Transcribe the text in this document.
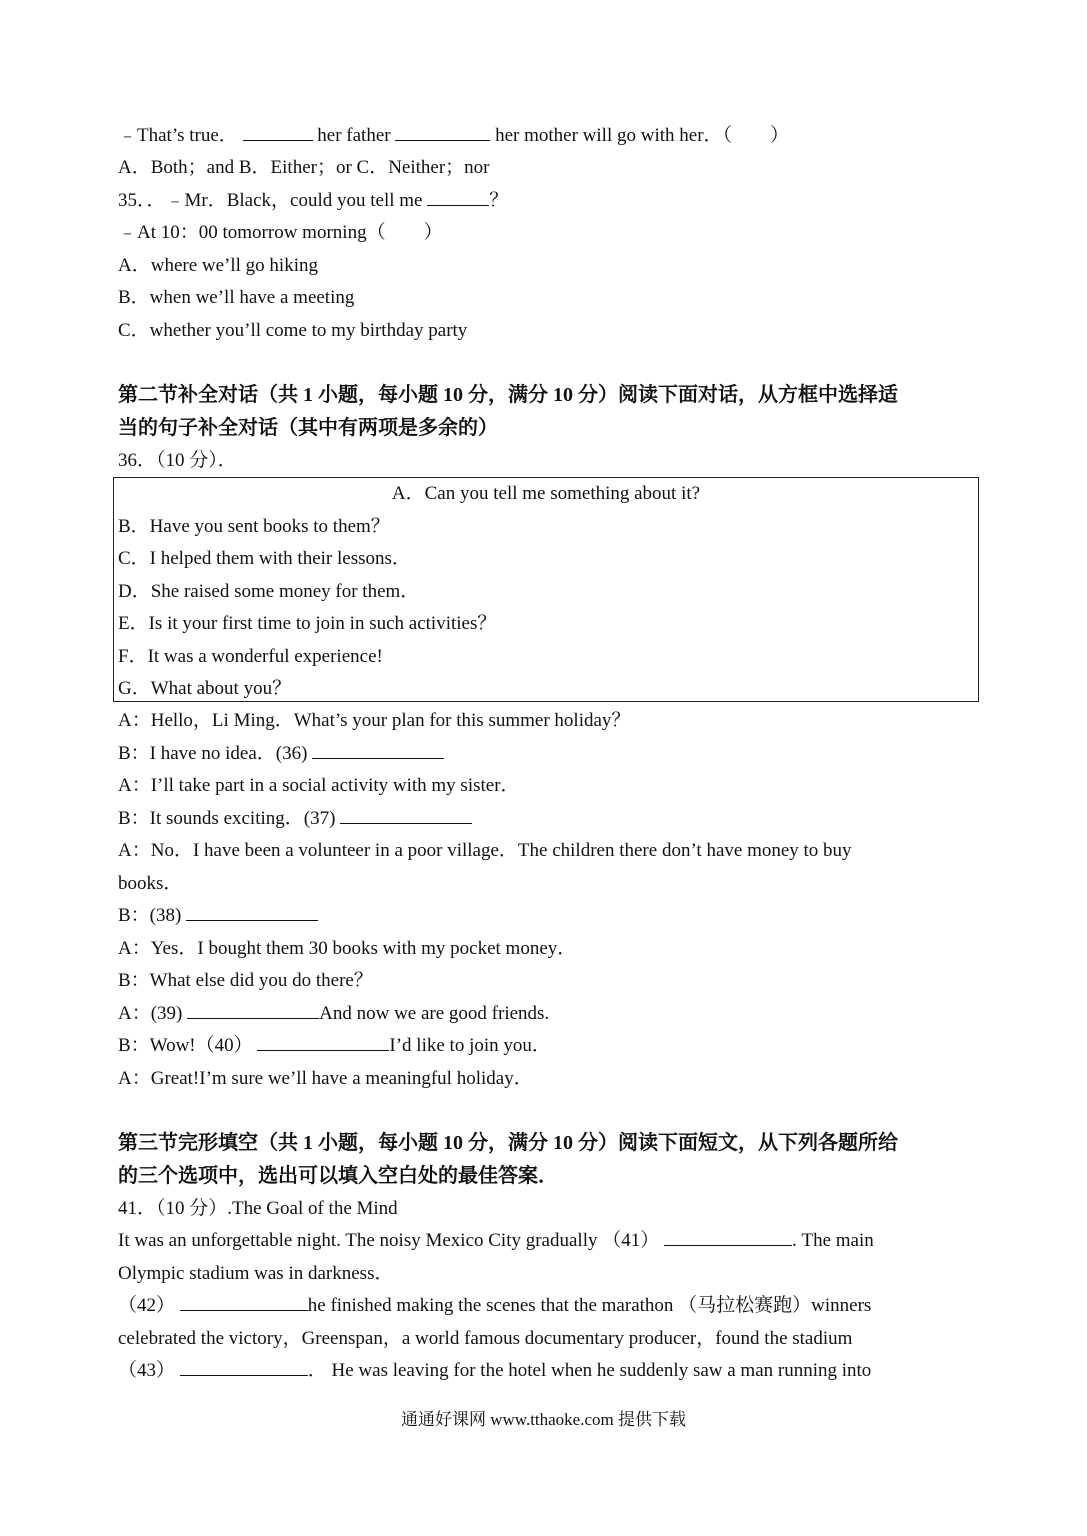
﹣That’s true．	her father	her mother will go with her．（　　）
A．Both；and B．Either；or C．Neither；nor
35．．﹣Mr．Black，could you tell me	？
﹣At 10：00 tomorrow morning（　　）
A．where we’ll go hiking
B．when we’ll have a meeting
C．whether you’ll come to my birthday party
第二节补全对话（共 1 小题，每小题 10 分，满分 10 分）阅读下面对话，从方框中选择适
当的句子补全对话（其中有两项是多余的）
36．（10 分）．
A．Can you tell me something about it?
B．Have you sent books to them？
C．I helped them with their lessons．
D．She raised some money for them．
E．Is it your first time to join in such activities？
F．It was a wonderful experience!
G．What about you？
A：Hello，Li Ming．What’s your plan for this summer holiday？
B：I have no idea．(36)
A：I’ll take part in a social activity with my sister．
B：It sounds exciting．(37)
A：No．I have been a volunteer in a poor village．The children there don’t have money to buy
books．
B：(38)
A：Yes．I bought them 30 books with my pocket money．
B：What else did you do there？
A：(39)	And now we are good friends.
B：Wow!（40）	I’d like to join you．
A：Great!I’m sure we’ll have a meaningful holiday．
第三节完形填空（共 1 小题，每小题 10 分，满分 10 分）阅读下面短文，从下列各题所给
的三个选项中，选出可以填入空白处的最佳答案．
41．（10 分）.The Goal of the Mind
It was an unforgettable night. The noisy Mexico City gradually （41）	. The main
Olympic stadium was in darkness．
（42）	he finished making the scenes that the marathon （马拉松赛跑）winners
celebrated the victory，Greenspan，a world famous documentary producer，found the stadium
（43）	． He was leaving for the hotel when he suddenly saw a man running into
通通好课网 www.tthaoke.com 提供下载
